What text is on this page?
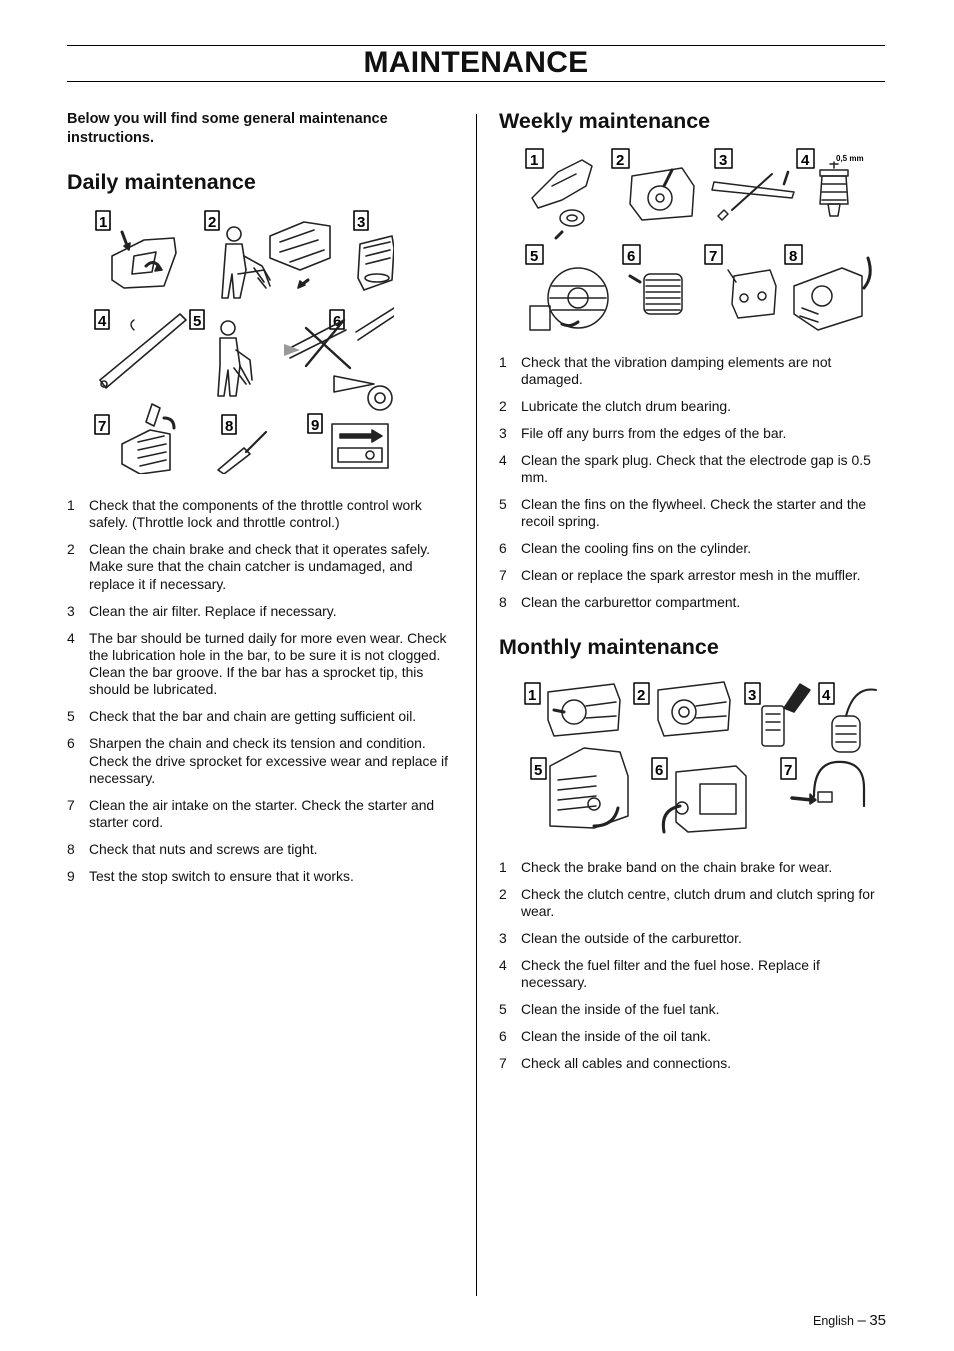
MAINTENANCE
Below you will find some general maintenance instructions.
Daily maintenance
1	2	3
4	5	6
7	8	9
1 Check that the components of the throttle control work safely. (Throttle lock and throttle control.)
2 Clean the chain brake and check that it operates safely. Make sure that the chain catcher is undamaged, and replace it if necessary.
3 Clean the air filter. Replace if necessary.
4 The bar should be turned daily for more even wear. Check the lubrication hole in the bar, to be sure it is not clogged. Clean the bar groove. If the bar has a sprocket tip, this should be lubricated.
5 Check that the bar and chain are getting sufficient oil.
6 Sharpen the chain and check its tension and condition. Check the drive sprocket for excessive wear and replace if necessary.
7 Clean the air intake on the starter. Check the starter and starter cord.
8 Check that nuts and screws are tight.
9 Test the stop switch to ensure that it works.
Weekly maintenance
1	2	3	4
5	6	7	8
0,5 mm
1 Check that the vibration damping elements are not damaged.
2 Lubricate the clutch drum bearing.
3 File off any burrs from the edges of the bar.
4 Clean the spark plug. Check that the electrode gap is 0.5 mm.
5 Clean the fins on the flywheel. Check the starter and the recoil spring.
6 Clean the cooling fins on the cylinder.
7 Clean or replace the spark arrestor mesh in the muffler.
8 Clean the carburettor compartment.
Monthly maintenance
1	2	3	4
5	6	7
1 Check the brake band on the chain brake for wear.
2 Check the clutch centre, clutch drum and clutch spring for wear.
3 Clean the outside of the carburettor.
4 Check the fuel filter and the fuel hose. Replace if necessary.
5 Clean the inside of the fuel tank.
6 Clean the inside of the oil tank.
7 Check all cables and connections.
English – 35
